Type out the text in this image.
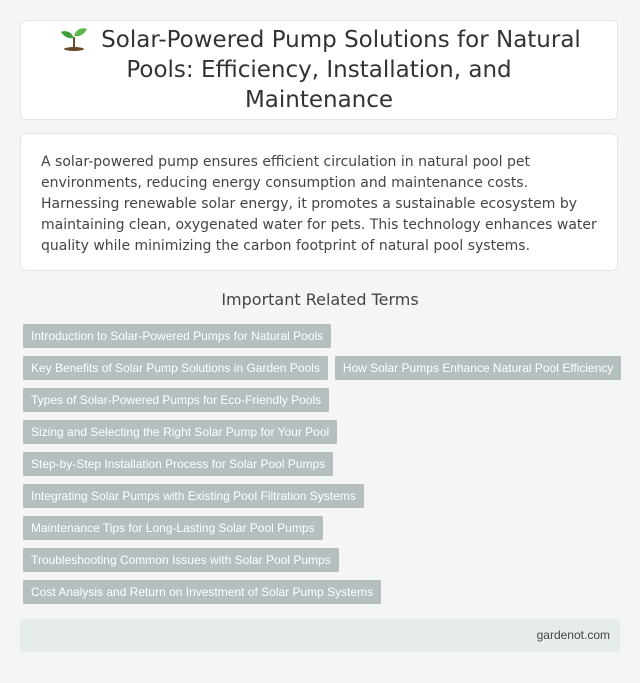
Solar-Powered Pump Solutions for Natural Pools: Efficiency, Installation, and Maintenance

A solar-powered pump ensures efficient circulation in natural pool pet environments, reducing energy consumption and maintenance costs. Harnessing renewable solar energy, it promotes a sustainable ecosystem by maintaining clean, oxygenated water for pets. This technology enhances water quality while minimizing the carbon footprint of natural pool systems.

Important Related Terms
Introduction to Solar-Powered Pumps for Natural Pools
Key Benefits of Solar Pump Solutions in Garden Pools	How Solar Pumps Enhance Natural Pool Efficiency
Types of Solar-Powered Pumps for Eco-Friendly Pools
Sizing and Selecting the Right Solar Pump for Your Pool
Step-by-Step Installation Process for Solar Pool Pumps
Integrating Solar Pumps with Existing Pool Filtration Systems
Maintenance Tips for Long-Lasting Solar Pool Pumps
Troubleshooting Common Issues with Solar Pool Pumps
Cost Analysis and Return on Investment of Solar Pump Systems
gardenot.com
